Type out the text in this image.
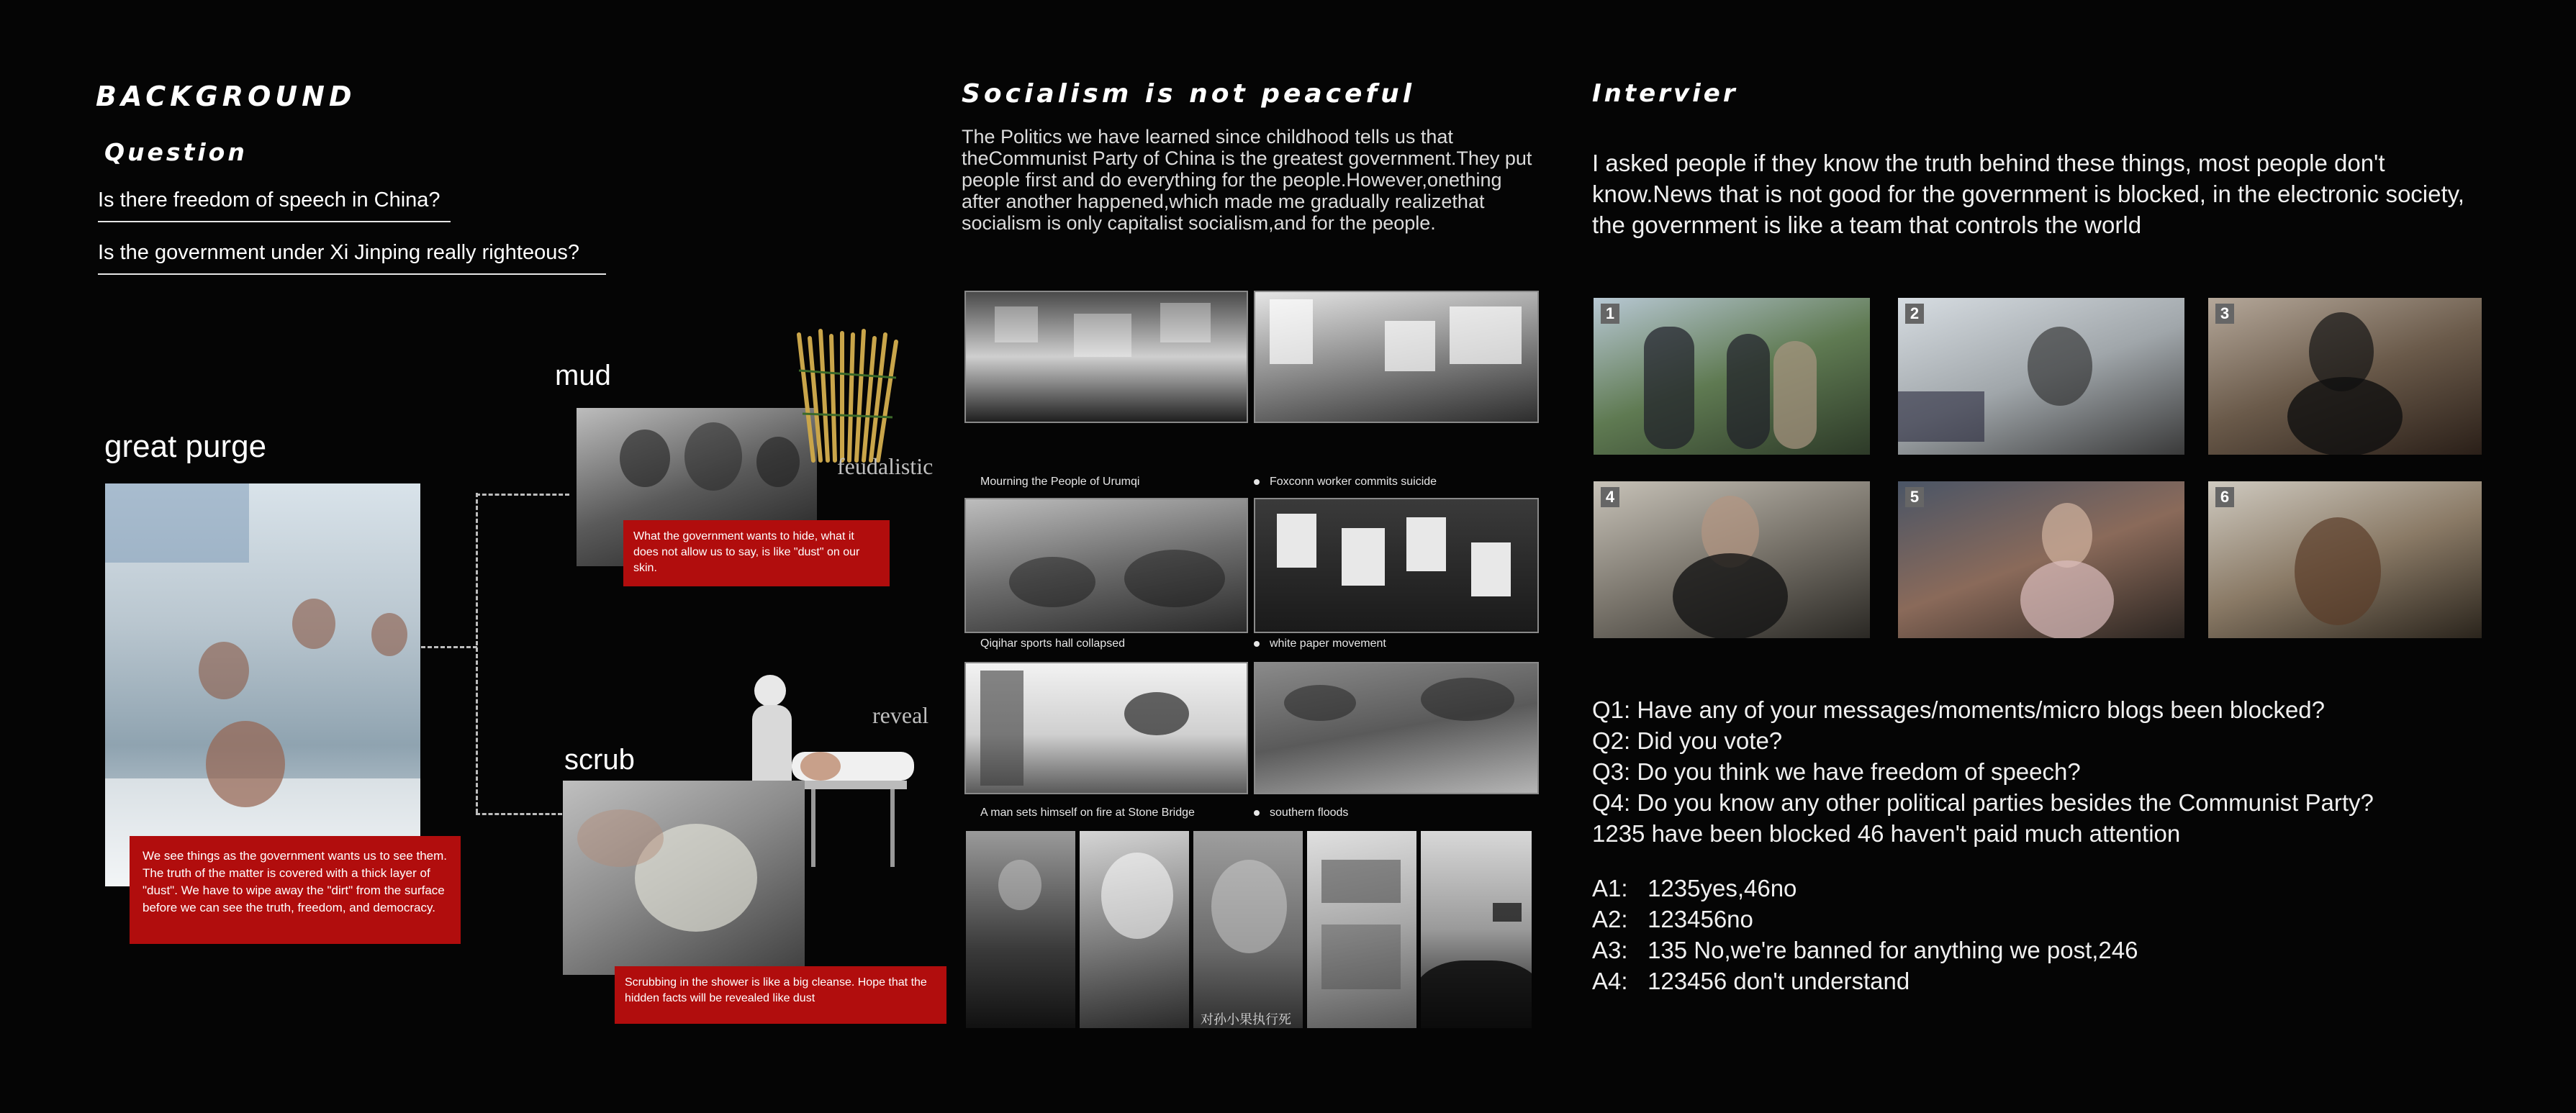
BACKGROUND
Question
Is there freedom of speech in China?
Is the government under Xi Jinping really righteous?
great purge
We see things as the government wants us to see them. The truth of the matter is covered with a thick layer of "dust". We have to wipe away the "dirt" from the surface before we can see the truth, freedom, and democracy.
mud
feudalistic
What the government wants to hide, what it does not allow us to say, is like "dust" on our skin.
reveal
scrub
Scrubbing in the shower is like a big cleanse. Hope that the hidden facts will be revealed like dust
Socialism is not peaceful
The Politics we have learned since childhood tells us that theCommunist Party of China is the greatest government.They put people first and do everything for the people.However,onething after another happened,which made me gradually realizethat socialism is only capitalist socialism,and for the people.
Mourning the People of Urumqi	Foxconn worker commits suicide
Qiqihar sports hall collapsed	white paper movement
A man sets himself on fire at Stone Bridge	southern floods
对孙小果执行死
Intervier
I asked people if they know the truth behind these things, most people don't know.News that is not good for the government is blocked, in the electronic society, the government is like a team that controls the world
1	2	3
4	5	6
Q1: Have any of your messages/moments/micro blogs been blocked?
Q2: Did you vote?
Q3: Do you think we have freedom of speech?
Q4: Do you know any other political parties besides the Communist Party?1235 have been blocked 46 haven't paid much attention
A1: 1235yes,46no
A2: 123456no
A3: 135 No,we're banned for anything we post,246
A4: 123456 don't understand
